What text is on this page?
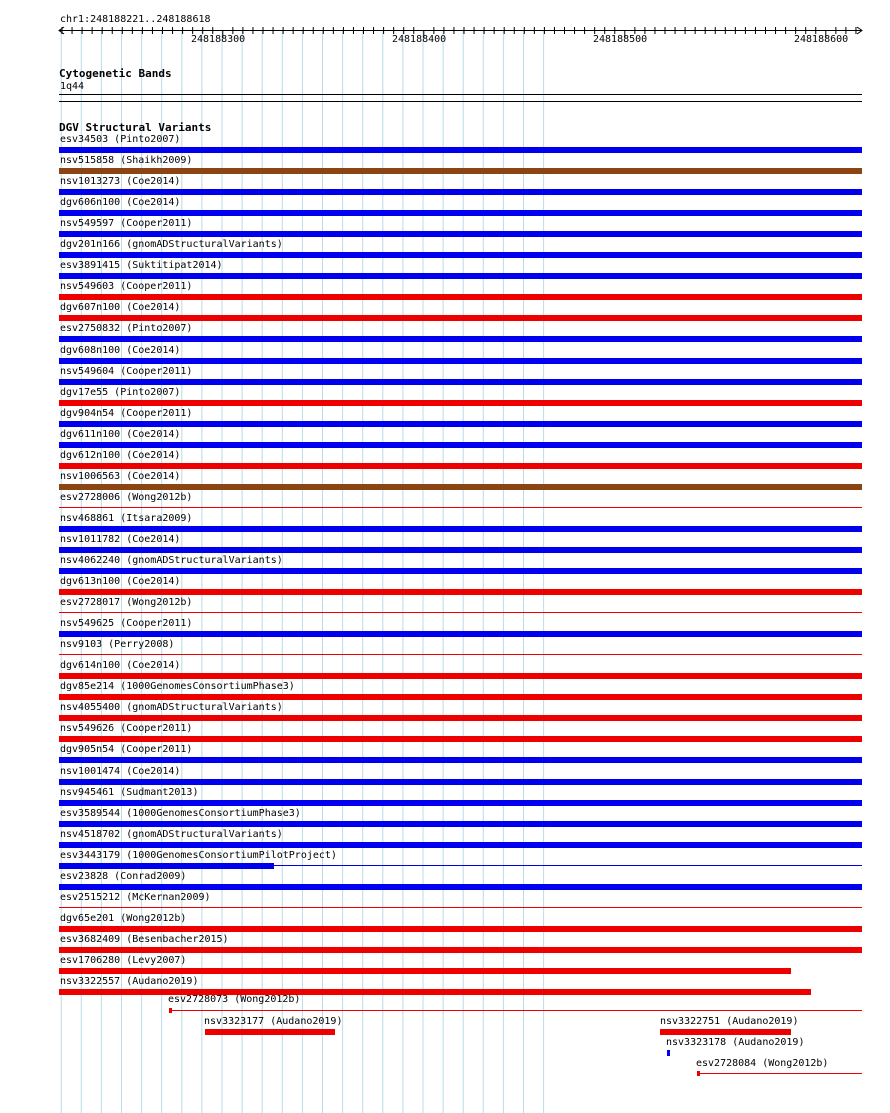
chr1:248188221..248188618
248188300	248188400	248188500	248188600
Cytogenetic Bands
1q44
DGV Structural Variants
esv34503 (Pinto2007)
nsv515858 (Shaikh2009)
nsv1013273 (Coe2014)
dgv606n100 (Coe2014)
nsv549597 (Cooper2011)
dgv201n166 (gnomADStructuralVariants)
esv3891415 (Suktitipat2014)
nsv549603 (Cooper2011)
dgv607n100 (Coe2014)
esv2750832 (Pinto2007)
dgv608n100 (Coe2014)
nsv549604 (Cooper2011)
dgv17e55 (Pinto2007)
dgv904n54 (Cooper2011)
dgv611n100 (Coe2014)
dgv612n100 (Coe2014)
nsv1006563 (Coe2014)
esv2728006 (Wong2012b)
nsv468861 (Itsara2009)
nsv1011782 (Coe2014)
nsv4062240 (gnomADStructuralVariants)
dgv613n100 (Coe2014)
esv2728017 (Wong2012b)
nsv549625 (Cooper2011)
nsv9103 (Perry2008)
dgv614n100 (Coe2014)
dgv85e214 (1000GenomesConsortiumPhase3)
nsv4055400 (gnomADStructuralVariants)
nsv549626 (Cooper2011)
dgv905n54 (Cooper2011)
nsv1001474 (Coe2014)
nsv945461 (Sudmant2013)
esv3589544 (1000GenomesConsortiumPhase3)
nsv4518702 (gnomADStructuralVariants)
esv3443179 (1000GenomesConsortiumPilotProject)
esv23828 (Conrad2009)
esv2515212 (McKernan2009)
dgv65e201 (Wong2012b)
esv3682409 (Besenbacher2015)
esv1706280 (Levy2007)
nsv3322557 (Audano2019)
esv2728073 (Wong2012b)
nsv3323177 (Audano2019)	nsv3322751 (Audano2019)
nsv3323178 (Audano2019)
esv2728084 (Wong2012b)
